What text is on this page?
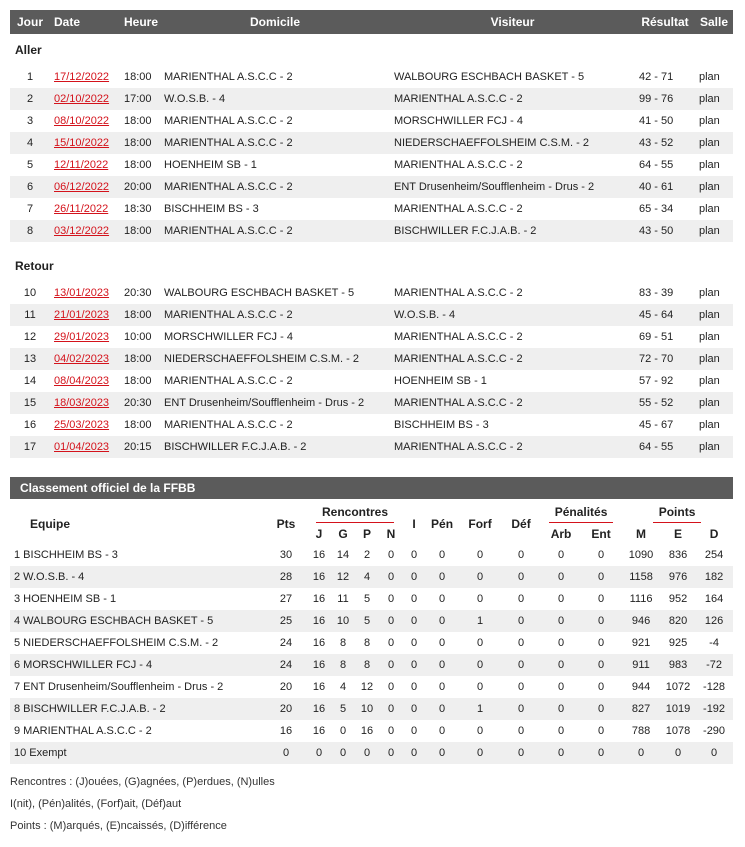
Jour	Date	Heure	Domicile	Visiteur	Résultat	Salle
Aller						
1	17/12/2022	18:00	MARIENTHAL A.S.C.C - 2	WALBOURG ESCHBACH BASKET - 5	42 - 71	plan
2	02/10/2022	17:00	W.O.S.B. - 4	MARIENTHAL A.S.C.C - 2	99 - 76	plan
3	08/10/2022	18:00	MARIENTHAL A.S.C.C - 2	MORSCHWILLER FCJ - 4	41 - 50	plan
4	15/10/2022	18:00	MARIENTHAL A.S.C.C - 2	NIEDERSCHAEFFOLSHEIM C.S.M. - 2	43 - 52	plan
5	12/11/2022	18:00	HOENHEIM SB - 1	MARIENTHAL A.S.C.C - 2	64 - 55	plan
6	06/12/2022	20:00	MARIENTHAL A.S.C.C - 2	ENT Drusenheim/Soufflenheim - Drus - 2	40 - 61	plan
7	26/11/2022	18:30	BISCHHEIM BS - 3	MARIENTHAL A.S.C.C - 2	65 - 34	plan
8	03/12/2022	18:00	MARIENTHAL A.S.C.C - 2	BISCHWILLER F.C.J.A.B. - 2	43 - 50	plan

Retour						
10	13/01/2023	20:30	WALBOURG ESCHBACH BASKET - 5	MARIENTHAL A.S.C.C - 2	83 - 39	plan
11	21/01/2023	18:00	MARIENTHAL A.S.C.C - 2	W.O.S.B. - 4	45 - 64	plan
12	29/01/2023	10:00	MORSCHWILLER FCJ - 4	MARIENTHAL A.S.C.C - 2	69 - 51	plan
13	04/02/2023	18:00	NIEDERSCHAEFFOLSHEIM C.S.M. - 2	MARIENTHAL A.S.C.C - 2	72 - 70	plan
14	08/04/2023	18:00	MARIENTHAL A.S.C.C - 2	HOENHEIM SB - 1	57 - 92	plan
15	18/03/2023	20:30	ENT Drusenheim/Soufflenheim - Drus - 2	MARIENTHAL A.S.C.C - 2	55 - 52	plan
16	25/03/2023	18:00	MARIENTHAL A.S.C.C - 2	BISCHHEIM BS - 3	45 - 67	plan
17	01/04/2023	20:15	BISCHWILLER F.C.J.A.B. - 2	MARIENTHAL A.S.C.C - 2	64 - 55	plan
Classement officiel de la FFBB
Equipe	Pts	Rencontres				I	Pén	Forf	Déf	Pénalités		Points		
		J	G	P	N					Arb	Ent	M	E	D
1 BISCHHEIM BS - 3	30	16	14	2	0	0	0	0	0	0	0	1090	836	254
2 W.O.S.B. - 4	28	16	12	4	0	0	0	0	0	0	0	1158	976	182
3 HOENHEIM SB - 1	27	16	11	5	0	0	0	0	0	0	0	1116	952	164
4 WALBOURG ESCHBACH BASKET - 5	25	16	10	5	0	0	0	1	0	0	0	946	820	126
5 NIEDERSCHAEFFOLSHEIM C.S.M. - 2	24	16	8	8	0	0	0	0	0	0	0	921	925	-4
6 MORSCHWILLER FCJ - 4	24	16	8	8	0	0	0	0	0	0	0	911	983	-72
7 ENT Drusenheim/Soufflenheim - Drus - 2	20	16	4	12	0	0	0	0	0	0	0	944	1072	-128
8 BISCHWILLER F.C.J.A.B. - 2	20	16	5	10	0	0	0	1	0	0	0	827	1019	-192
9 MARIENTHAL A.S.C.C - 2	16	16	0	16	0	0	0	0	0	0	0	788	1078	-290
10 Exempt	0	0	0	0	0	0	0	0	0	0	0	0	0	0
Rencontres : (J)ouées, (G)agnées, (P)erdues, (N)ulles
I(nit), (Pén)alités, (Forf)ait, (Déf)aut
Points : (M)arqués, (E)ncaissés, (D)ifférence
